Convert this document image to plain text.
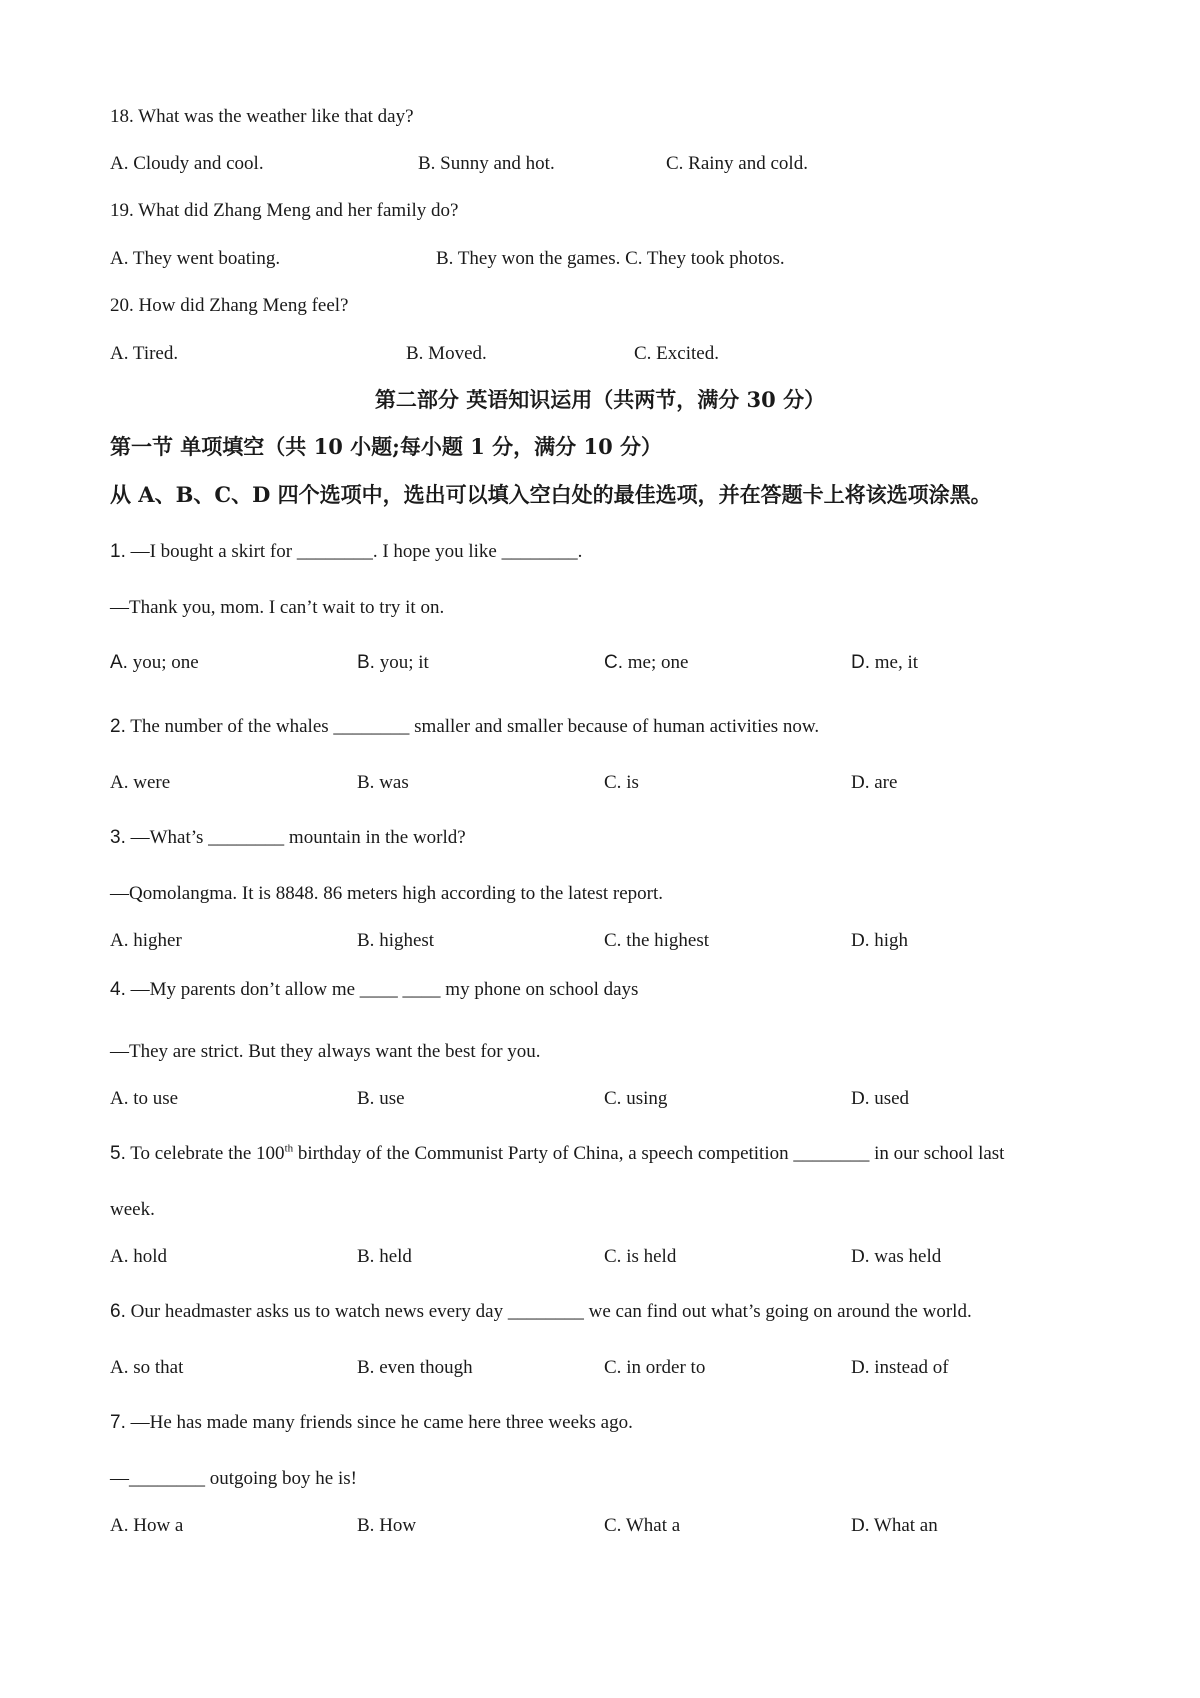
18. What was the weather like that day?
A. Cloudy and cool.	B. Sunny and hot.	C. Rainy and cold.
19. What did Zhang Meng and her family do?
A. They went boating.	B. They won the games. C. They took photos.
20. How did Zhang Meng feel?
A. Tired.	B. Moved.	C. Excited.
第二部分 英语知识运用（共两节，满分 30 分）
第一节 单项填空（共 10 小题;每小题 1 分，满分 10 分）
从 A、B、C、D 四个选项中，选出可以填入空白处的最佳选项，并在答题卡上将该选项涂黑。
1. —I bought a skirt for ________. I hope you like ________.
—Thank you, mom. I can’t wait to try it on.
A. you; one	B. you; it	C. me; one	D. me, it
2. The number of the whales ________ smaller and smaller because of human activities now.
A. were	B. was	C. is	D. are
3. —What’s ________ mountain in the world?
—Qomolangma. It is 8848. 86 meters high according to the latest report.
A. higher	B. highest	C. the highest	D. high
4. —My parents don’t allow me ____ ____ my phone on school days
—They are strict. But they always want the best for you.
A. to use	B. use	C. using	D. used
5. To celebrate the 100th birthday of the Communist Party of China, a speech competition ________ in our school last
week.
A. hold	B. held	C. is held	D. was held
6. Our headmaster asks us to watch news every day ________ we can find out what’s going on around the world.
A. so that	B. even though	C. in order to	D. instead of
7. —He has made many friends since he came here three weeks ago.
—________ outgoing boy he is!
A. How a	B. How	C. What a	D. What an
